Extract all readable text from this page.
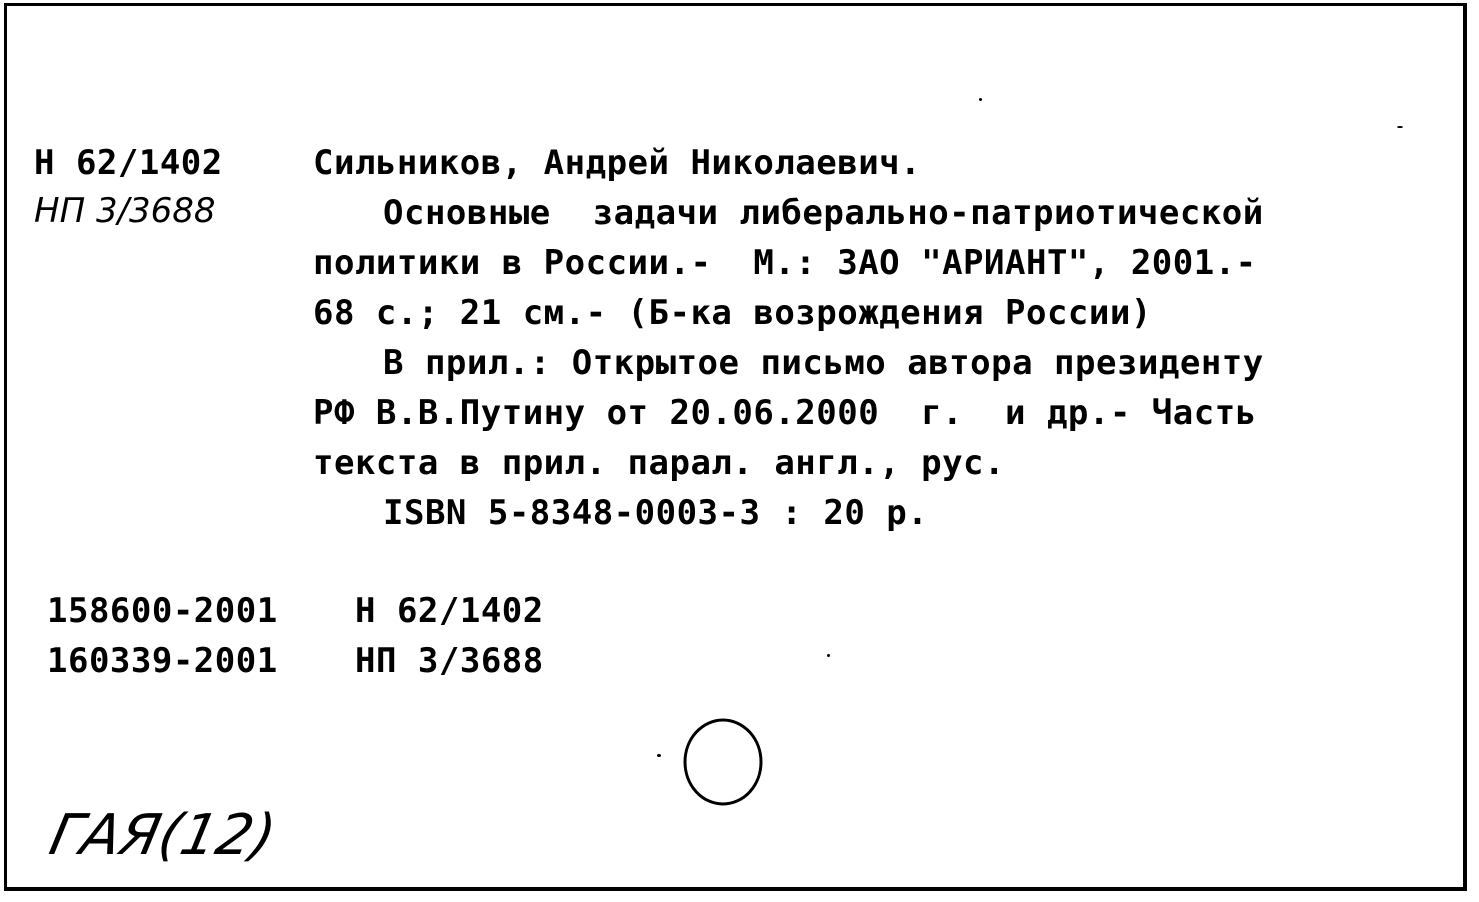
Н 62/1402
НП 3/3688
Сильников, Андрей Николаевич.
Основные  задачи либерально-патриотической
политики в России.-  М.: ЗАО "АРИАНТ", 2001.-
68 с.; 21 см.- (Б-ка возрождения России)
В прил.: Открытое письмо автора президенту
РФ В.В.Путину от 20.06.2000  г.  и др.- Часть
текста в прил. парал. англ., рус.
ISBN 5-8348-0003-3 : 20 р.
158600-2001 Н 62/1402
160339-2001 НП 3/3688
ГАЯ(12)
